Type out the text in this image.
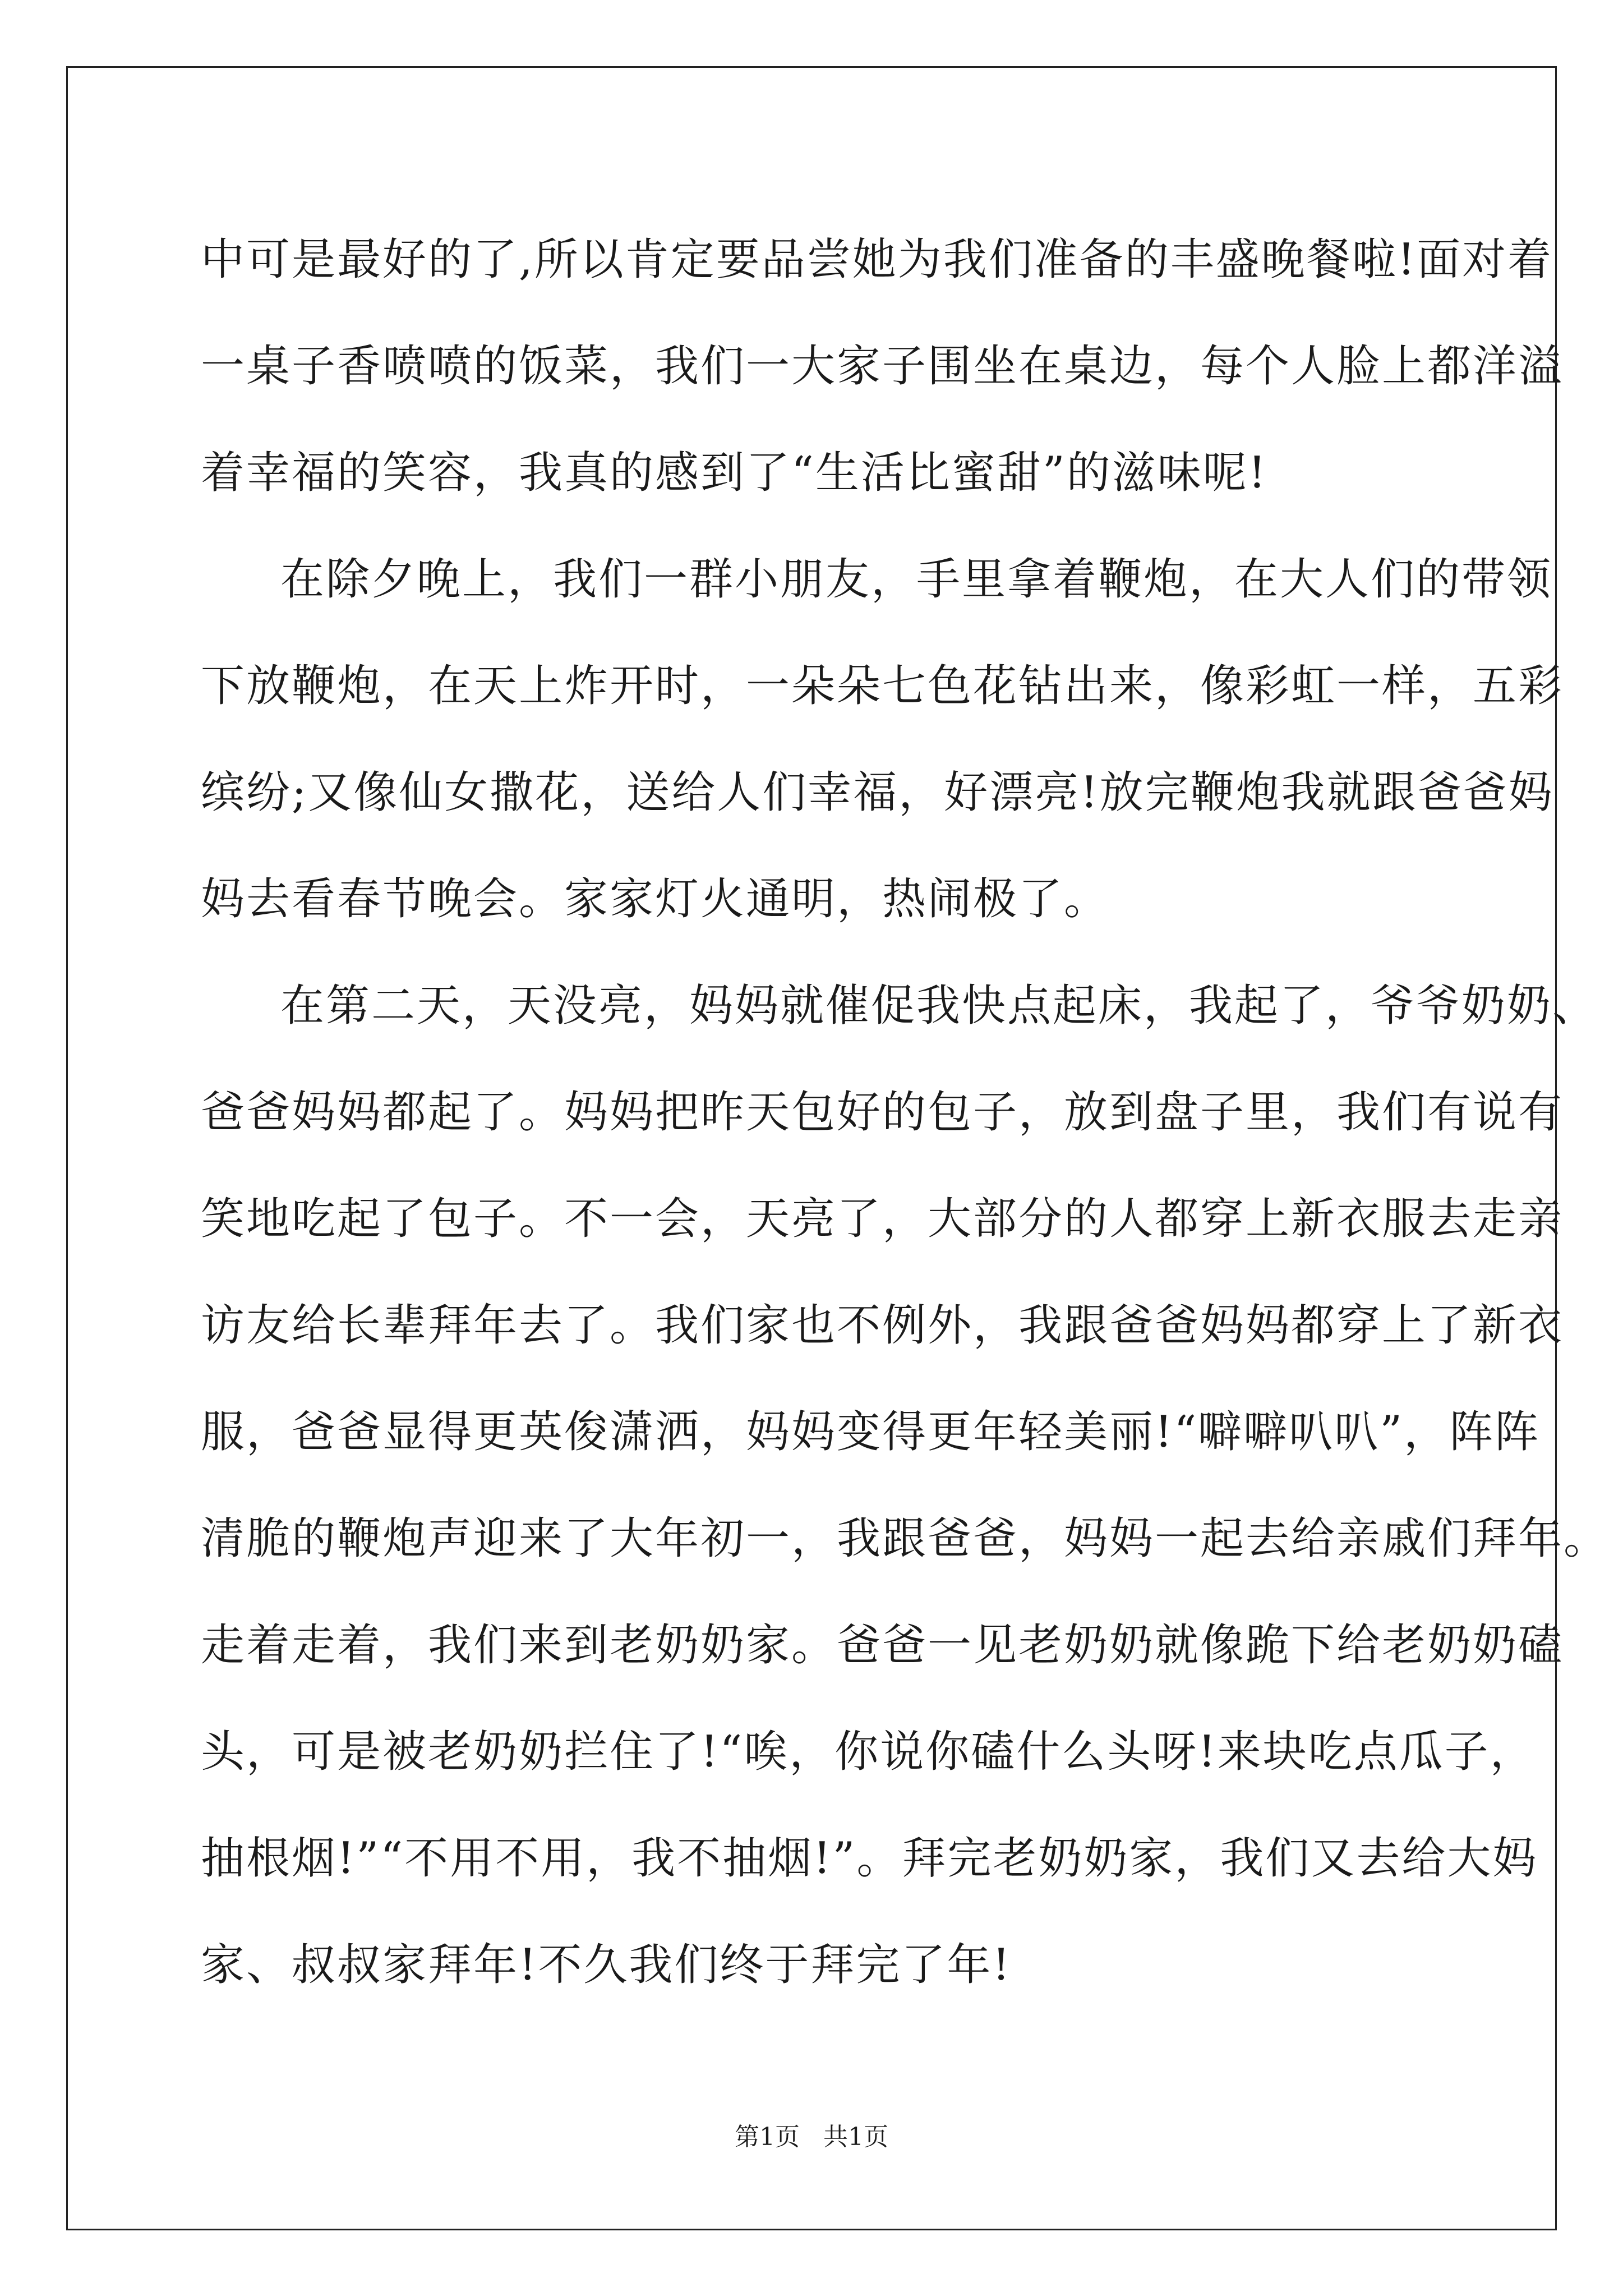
中可是最好的了,所以肯定要品尝她为我们准备的丰盛晚餐啦!面对着
一桌子香喷喷的饭菜，我们一大家子围坐在桌边，每个人脸上都洋溢
着幸福的笑容，我真的感到了“生活比蜜甜”的滋味呢!
在除夕晚上，我们一群小朋友，手里拿着鞭炮，在大人们的带领
下放鞭炮，在天上炸开时，一朵朵七色花钻出来，像彩虹一样，五彩
缤纷;又像仙女撒花，送给人们幸福，好漂亮!放完鞭炮我就跟爸爸妈
妈去看春节晚会。家家灯火通明，热闹极了。
在第二天，天没亮，妈妈就催促我快点起床，我起了，爷爷奶奶、
爸爸妈妈都起了。妈妈把昨天包好的包子，放到盘子里，我们有说有
笑地吃起了包子。不一会，天亮了，大部分的人都穿上新衣服去走亲
访友给长辈拜年去了。我们家也不例外，我跟爸爸妈妈都穿上了新衣
服，爸爸显得更英俊潇洒，妈妈变得更年轻美丽!“噼噼叭叭”，阵阵
清脆的鞭炮声迎来了大年初一，我跟爸爸，妈妈一起去给亲戚们拜年。
走着走着，我们来到老奶奶家。爸爸一见老奶奶就像跪下给老奶奶磕
头，可是被老奶奶拦住了!“唉，你说你磕什么头呀!来块吃点瓜子，
抽根烟!”“不用不用，我不抽烟!”。拜完老奶奶家，我们又去给大妈
家、叔叔家拜年!不久我们终于拜完了年!
第1页 共1页
